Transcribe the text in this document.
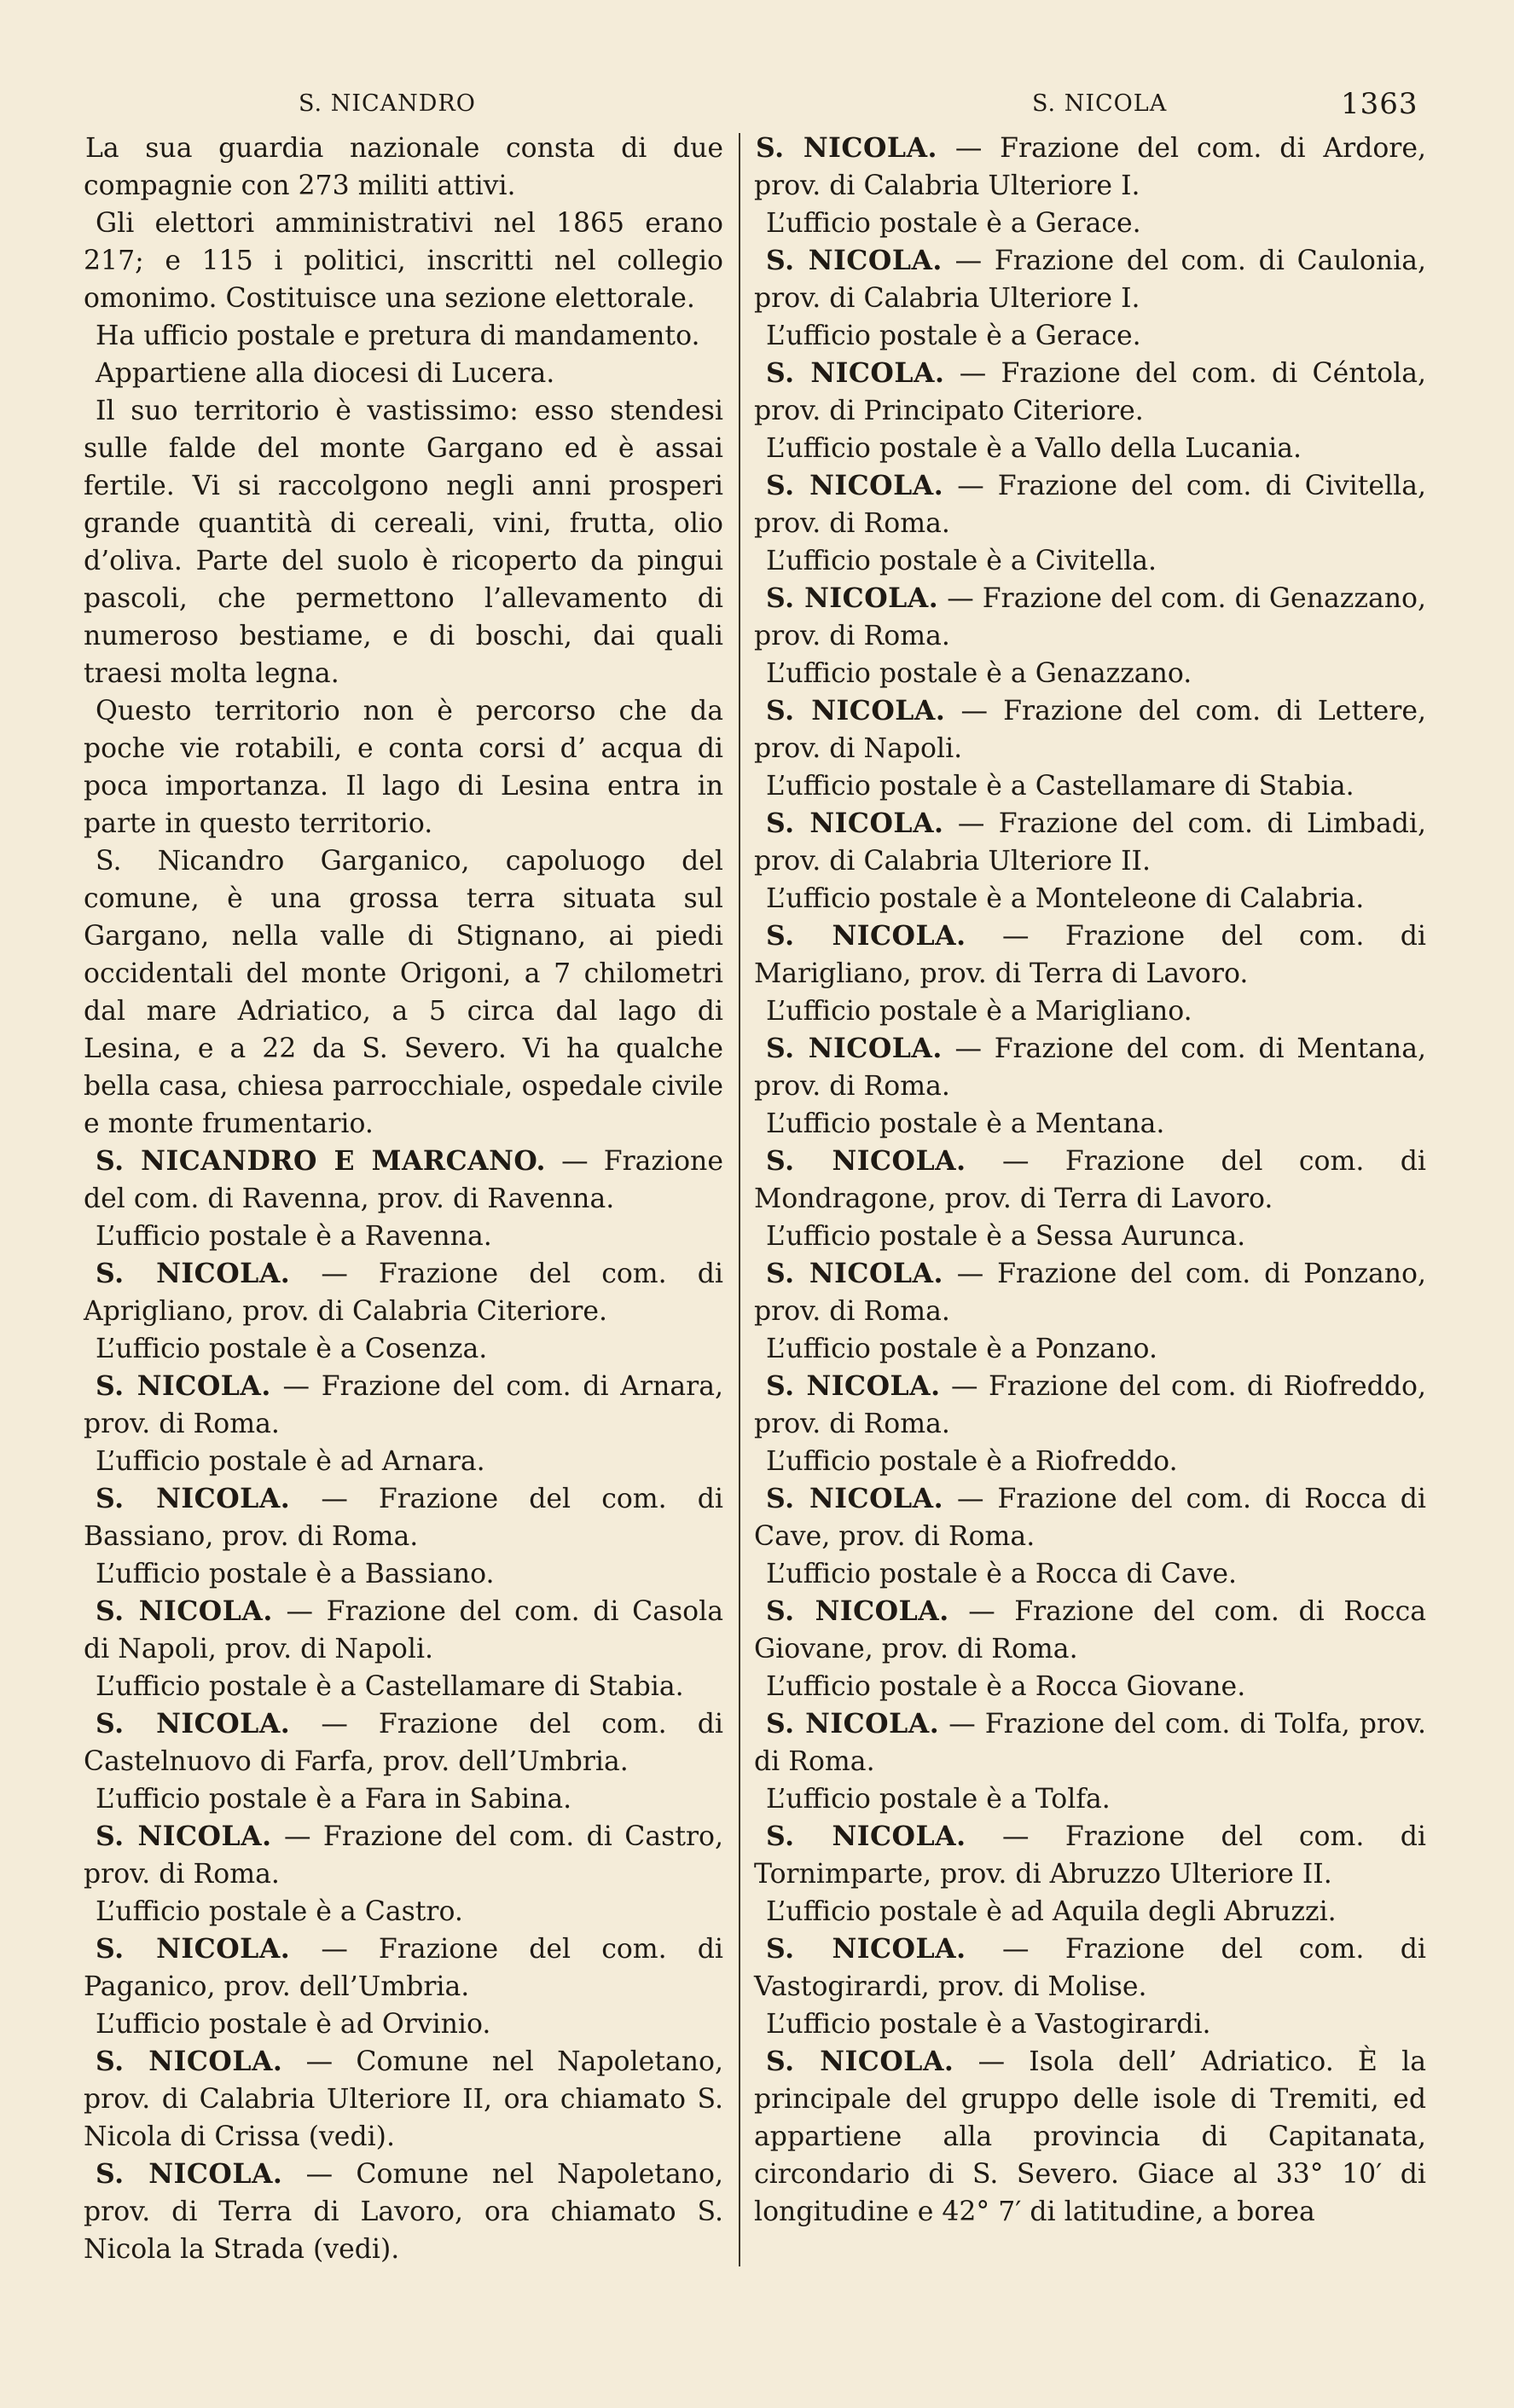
S. NICANDRO	S. NICOLA	1363

La sua guardia nazionale consta di due compagnie con 273 militi attivi.

Gli elettori amministrativi nel 1865 erano 217; e 115 i politici, inscritti nel collegio omonimo. Costituisce una sezione elettorale.

Ha ufficio postale e pretura di mandamento.

Appartiene alla diocesi di Lucera.

Il suo territorio è vastissimo: esso stendesi sulle falde del monte Gargano ed è assai fertile. Vi si raccolgono negli anni prosperi grande quantità di cereali, vini, frutta, olio d’oliva. Parte del suolo è ricoperto da pingui pascoli, che permettono l’allevamento di numeroso bestiame, e di boschi, dai quali traesi molta legna.

Questo territorio non è percorso che da poche vie rotabili, e conta corsi d’ acqua di poca importanza. Il lago di Lesina entra in parte in questo territorio.

S. Nicandro Garganico, capoluogo del comune, è una grossa terra situata sul Gargano, nella valle di Stignano, ai piedi occidentali del monte Origoni, a 7 chilometri dal mare Adriatico, a 5 circa dal lago di Lesina, e a 22 da S. Severo. Vi ha qualche bella casa, chiesa parrocchiale, ospedale civile e monte frumentario.

S. NICANDRO E MARCANO. — Frazione del com. di Ravenna, prov. di Ravenna.

L’ufficio postale è a Ravenna.

S. NICOLA. — Frazione del com. di Aprigliano, prov. di Calabria Citeriore.

L’ufficio postale è a Cosenza.

S. NICOLA. — Frazione del com. di Arnara, prov. di Roma.

L’ufficio postale è ad Arnara.

S. NICOLA. — Frazione del com. di Bassiano, prov. di Roma.

L’ufficio postale è a Bassiano.

S. NICOLA. — Frazione del com. di Casola di Napoli, prov. di Napoli.

L’ufficio postale è a Castellamare di Stabia.

S. NICOLA. — Frazione del com. di Castelnuovo di Farfa, prov. dell’Umbria.

L’ufficio postale è a Fara in Sabina.

S. NICOLA. — Frazione del com. di Castro, prov. di Roma.

L’ufficio postale è a Castro.

S. NICOLA. — Frazione del com. di Paganico, prov. dell’Umbria.

L’ufficio postale è ad Orvinio.

S. NICOLA. — Comune nel Napoletano, prov. di Calabria Ulteriore II, ora chiamato S. Nicola di Crissa (vedi).

S. NICOLA. — Comune nel Napoletano, prov. di Terra di Lavoro, ora chiamato S. Nicola la Strada (vedi).

S. NICOLA. — Frazione del com. di Ardore, prov. di Calabria Ulteriore I.

L’ufficio postale è a Gerace.

S. NICOLA. — Frazione del com. di Caulonia, prov. di Calabria Ulteriore I.

L’ufficio postale è a Gerace.

S. NICOLA. — Frazione del com. di Céntola, prov. di Principato Citeriore.

L’ufficio postale è a Vallo della Lucania.

S. NICOLA. — Frazione del com. di Civitella, prov. di Roma.

L’ufficio postale è a Civitella.

S. NICOLA. — Frazione del com. di Genazzano, prov. di Roma.

L’ufficio postale è a Genazzano.

S. NICOLA. — Frazione del com. di Lettere, prov. di Napoli.

L’ufficio postale è a Castellamare di Stabia.

S. NICOLA. — Frazione del com. di Limbadi, prov. di Calabria Ulteriore II.

L’ufficio postale è a Monteleone di Calabria.

S. NICOLA. — Frazione del com. di Marigliano, prov. di Terra di Lavoro.

L’ufficio postale è a Marigliano.

S. NICOLA. — Frazione del com. di Mentana, prov. di Roma.

L’ufficio postale è a Mentana.

S. NICOLA. — Frazione del com. di Mondragone, prov. di Terra di Lavoro.

L’ufficio postale è a Sessa Aurunca.

S. NICOLA. — Frazione del com. di Ponzano, prov. di Roma.

L’ufficio postale è a Ponzano.

S. NICOLA. — Frazione del com. di Riofreddo, prov. di Roma.

L’ufficio postale è a Riofreddo.

S. NICOLA. — Frazione del com. di Rocca di Cave, prov. di Roma.

L’ufficio postale è a Rocca di Cave.

S. NICOLA. — Frazione del com. di Rocca Giovane, prov. di Roma.

L’ufficio postale è a Rocca Giovane.

S. NICOLA. — Frazione del com. di Tolfa, prov. di Roma.

L’ufficio postale è a Tolfa.

S. NICOLA. — Frazione del com. di Tornimparte, prov. di Abruzzo Ulteriore II.

L’ufficio postale è ad Aquila degli Abruzzi.

S. NICOLA. — Frazione del com. di Vastogirardi, prov. di Molise.

L’ufficio postale è a Vastogirardi.

S. NICOLA. — Isola dell’ Adriatico. È la principale del gruppo delle isole di Tremiti, ed appartiene alla provincia di Capitanata, circondario di S. Severo. Giace al 33° 10′ di longitudine e 42° 7′ di latitudine, a borea
